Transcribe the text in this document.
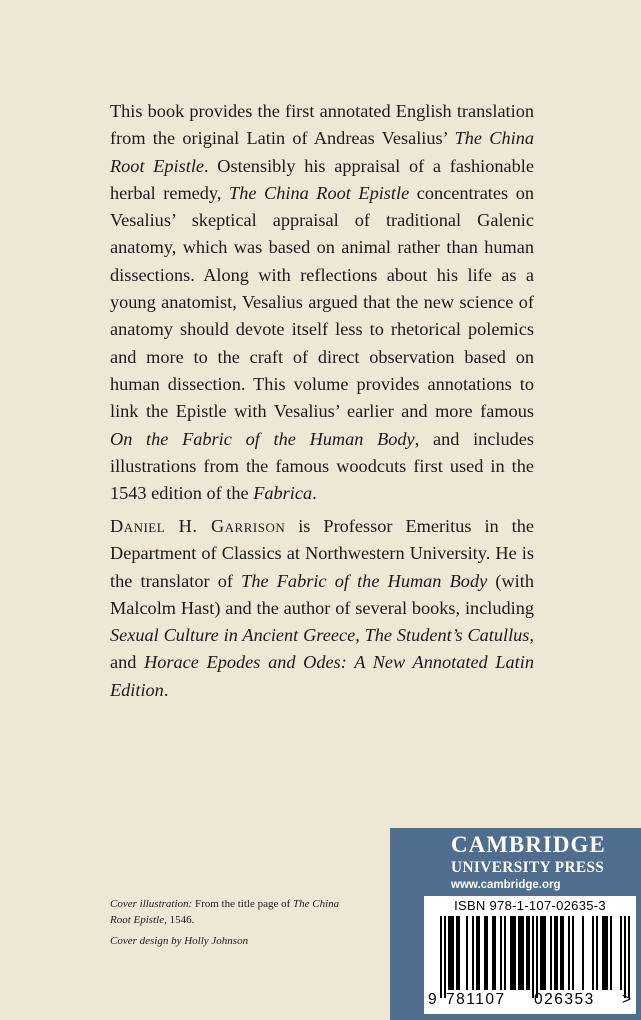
This book provides the first annotated English translation from the original Latin of Andreas Vesalius’ The China Root Epistle. Ostensibly his appraisal of a fashionable herbal remedy, The China Root Epistle concentrates on Vesalius’ skeptical appraisal of traditional Galenic anatomy, which was based on animal rather than human dissections. Along with reflections about his life as a young anatomist, Vesalius argued that the new science of anatomy should devote itself less to rhetorical polemics and more to the craft of direct observation based on human dissection. This volume provides annotations to link the Epistle with Vesalius’ earlier and more famous On the Fabric of the Human Body, and includes illustrations from the famous woodcuts first used in the 1543 edition of the Fabrica.

Daniel H. Garrison is Professor Emeritus in the Department of Classics at Northwestern University. He is the translator of The Fabric of the Human Body (with Malcolm Hast) and the author of several books, including Sexual Culture in Ancient Greece, The Student’s Catullus, and Horace Epodes and Odes: A New Annotated Latin Edition.

Cover illustration: From the title page of The China Root Epistle, 1546.

Cover design by Holly Johnson

CAMBRIDGE
UNIVERSITY PRESS
www.cambridge.org
ISBN 978-1-107-02635-3
9 781107 026353 >
